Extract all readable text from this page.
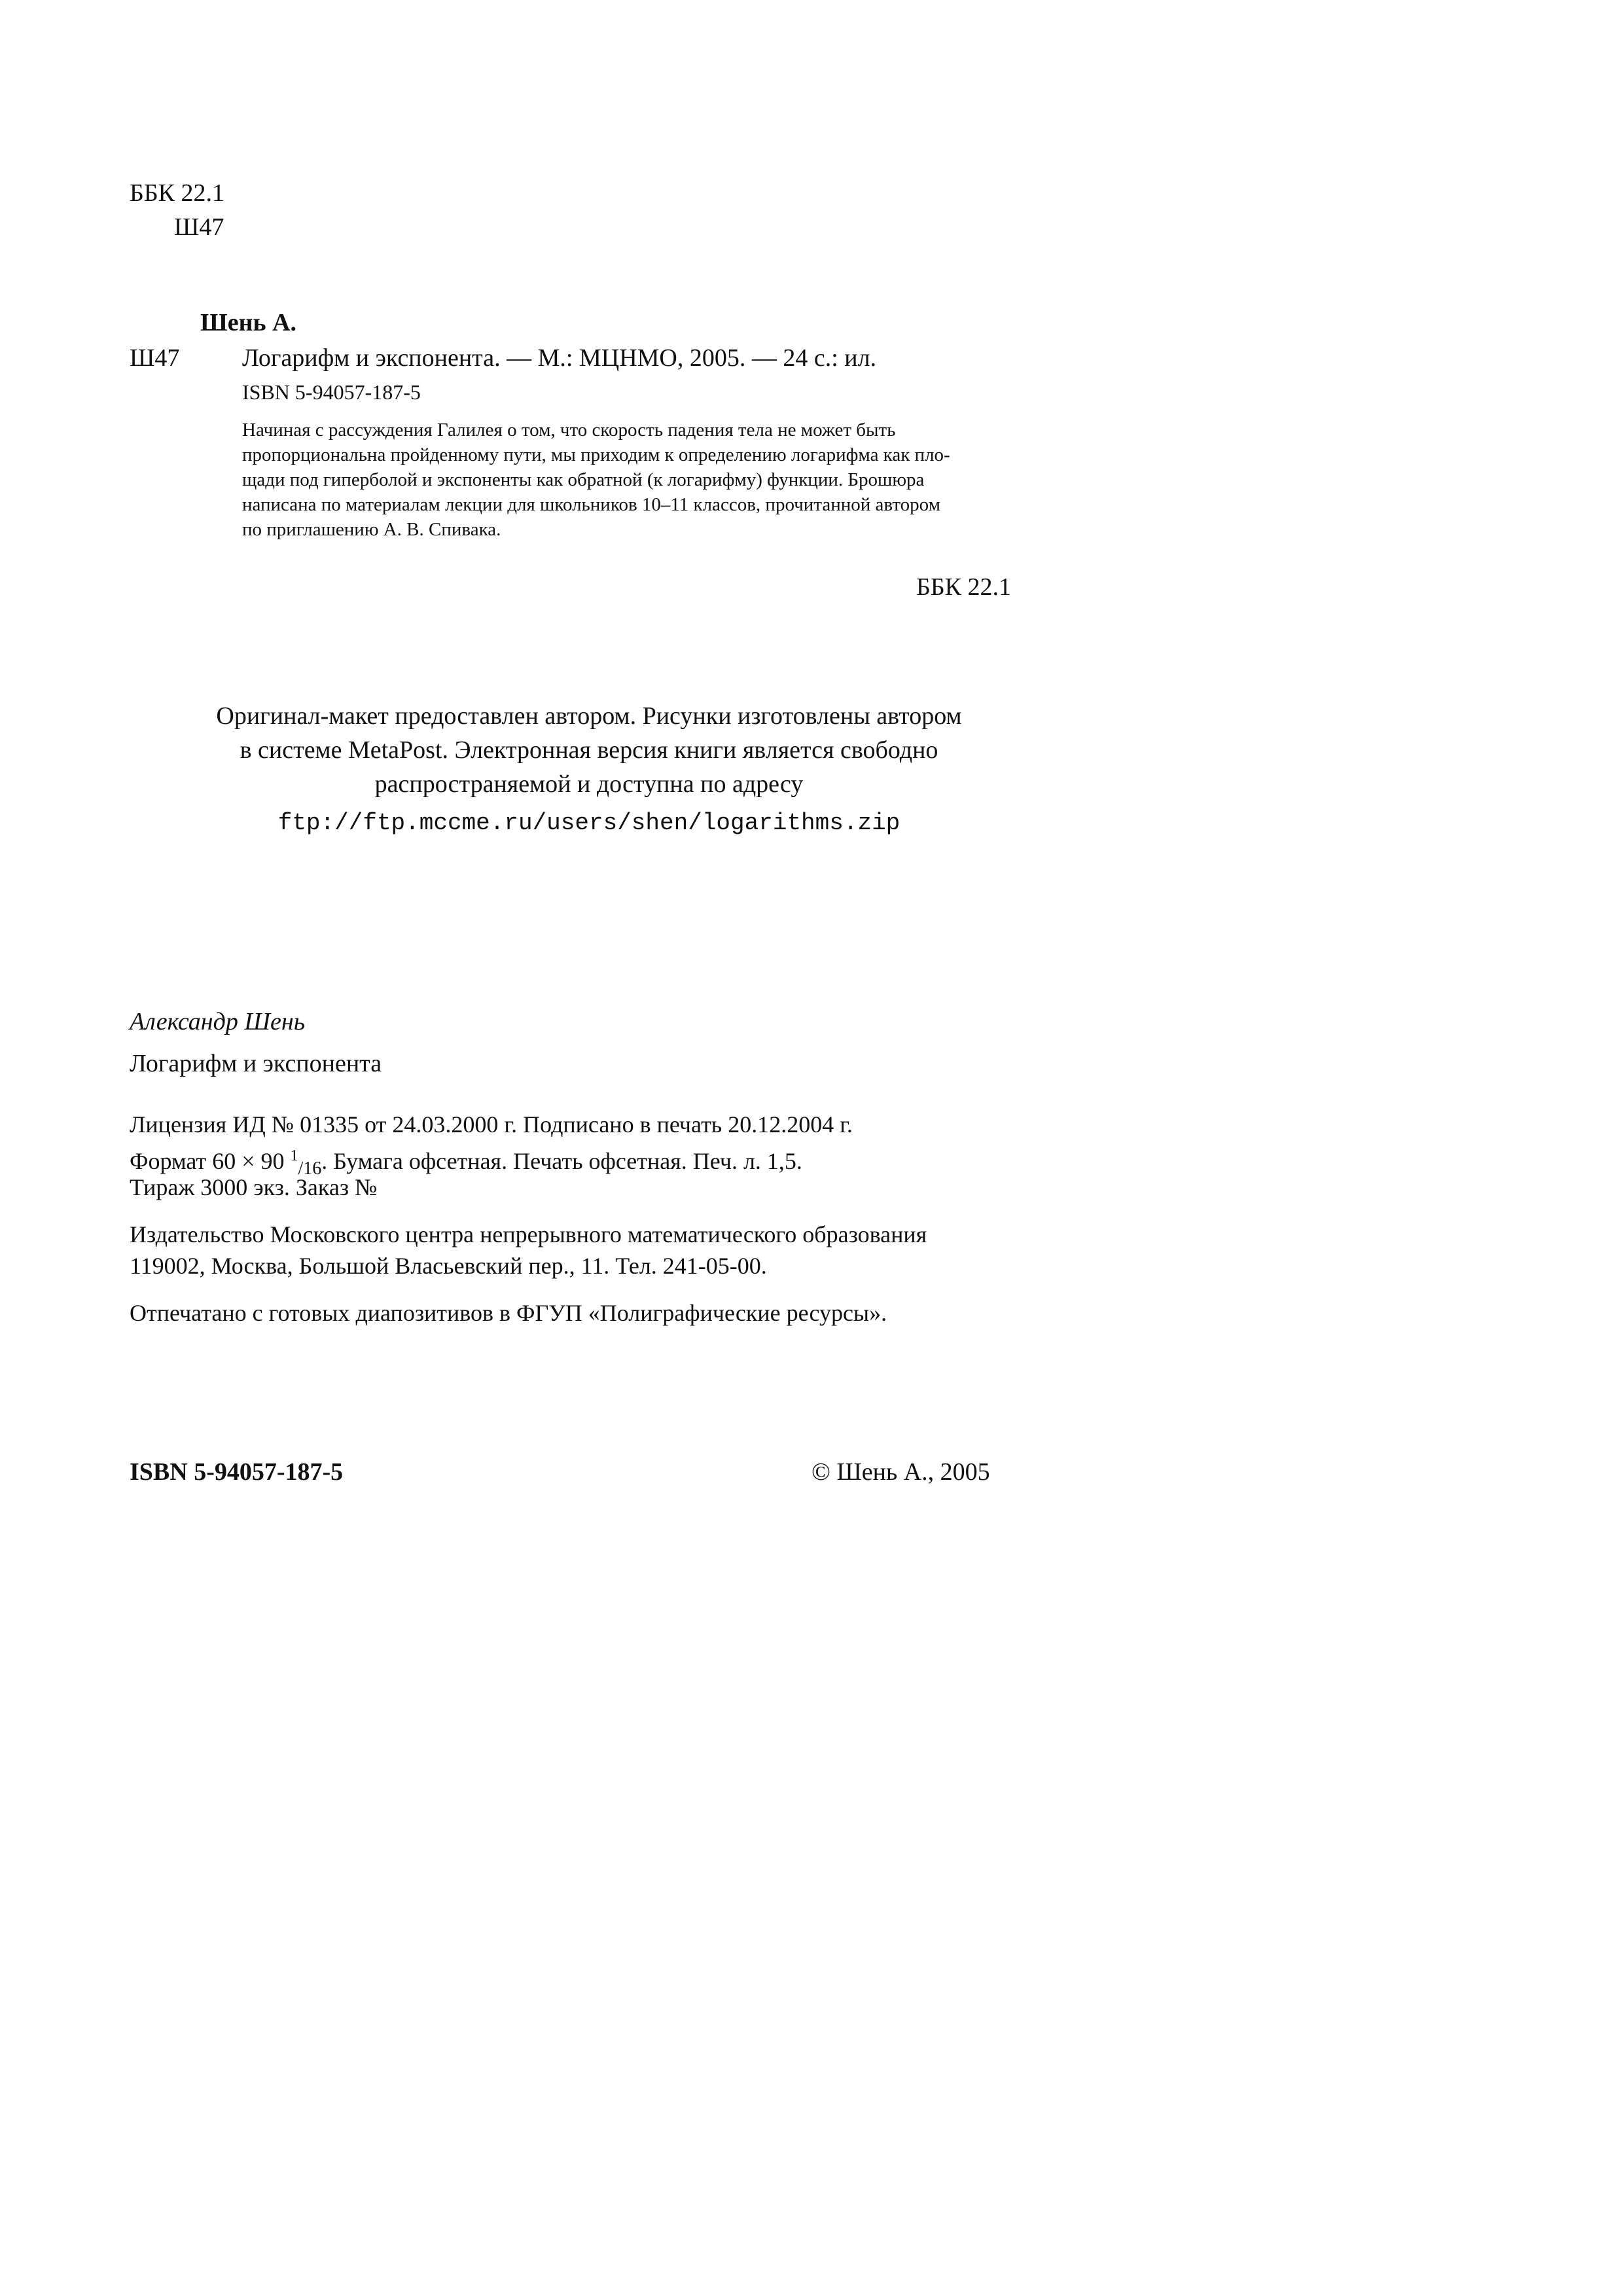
ББК 22.1
Ш47
Шень А.
Ш47	Логарифм и экспонента. — М.: МЦНМО, 2005. — 24 с.: ил.
ISBN 5-94057-187-5
Начиная с рассуждения Галилея о том, что скорость падения тела не может быть
пропорциональна пройденному пути, мы приходим к определению логарифма как пло-
щади под гиперболой и экспоненты как обратной (к логарифму) функции. Брошюра
написана по материалам лекции для школьников 10–11 классов, прочитанной автором
по приглашению А. В. Спивака.
ББК 22.1
Оригинал-макет предоставлен автором. Рисунки изготовлены автором
в системе MetaPost. Электронная версия книги является свободно
распространяемой и доступна по адресу
ftp://ftp.mccme.ru/users/shen/logarithms.zip
Александр Шень
Логарифм и экспонента
Лицензия ИД № 01335 от 24.03.2000 г. Подписано в печать 20.12.2004 г.
Формат 60 × 90 $^1_{/16}$. Бумага офсетная. Печать офсетная. Печ. л. 1,5.
Тираж 3000 экз. Заказ №
Издательство Московского центра непрерывного математического образования
119002, Москва, Большой Власьевский пер., 11. Тел. 241-05-00.
Отпечатано с готовых диапозитивов в ФГУП «Полиграфические ресурсы».
ISBN 5-94057-187-5	© Шень А., 2005
